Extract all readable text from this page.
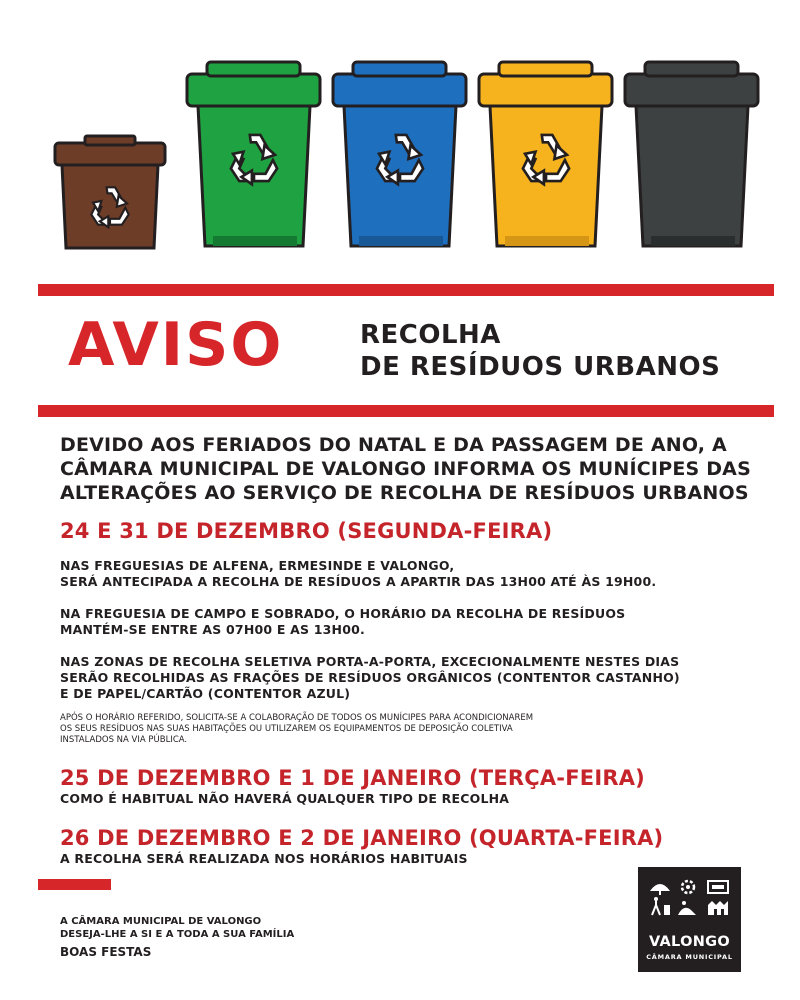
AVISO	RECOLHA
DE RESÍDUOS URBANOS
DEVIDO AOS FERIADOS DO NATAL E DA PASSAGEM DE ANO, A
CÂMARA MUNICIPAL DE VALONGO INFORMA OS MUNÍCIPES DAS
ALTERAÇÕES AO SERVIÇO DE RECOLHA DE RESÍDUOS URBANOS
24 E 31 DE DEZEMBRO (SEGUNDA-FEIRA)
NAS FREGUESIAS DE ALFENA, ERMESINDE E VALONGO,
SERÁ ANTECIPADA A RECOLHA DE RESÍDUOS A APARTIR DAS 13H00 ATÉ ÀS 19H00.
NA FREGUESIA DE CAMPO E SOBRADO, O HORÁRIO DA RECOLHA DE RESÍDUOS
MANTÉM-SE ENTRE AS 07H00 E AS 13H00.
NAS ZONAS DE RECOLHA SELETIVA PORTA-A-PORTA, EXCECIONALMENTE NESTES DIAS
SERÃO RECOLHIDAS AS FRAÇÕES DE RESÍDUOS ORGÂNICOS (CONTENTOR CASTANHO)
E DE PAPEL/CARTÃO (CONTENTOR AZUL)
APÓS O HORÁRIO REFERIDO, SOLICITA-SE A COLABORAÇÃO DE TODOS OS MUNÍCIPES PARA ACONDICIONAREM
OS SEUS RESÍDUOS NAS SUAS HABITAÇÕES OU UTILIZAREM OS EQUIPAMENTOS DE DEPOSIÇÃO COLETIVA
INSTALADOS NA VIA PÚBLICA.
25 DE DEZEMBRO E 1 DE JANEIRO (TERÇA-FEIRA)
COMO É HABITUAL NÃO HAVERÁ QUALQUER TIPO DE RECOLHA
26 DE DEZEMBRO E 2 DE JANEIRO (QUARTA-FEIRA)
A RECOLHA SERÁ REALIZADA NOS HORÁRIOS HABITUAIS
A CÂMARA MUNICIPAL DE VALONGO
DESEJA-LHE A SI E A TODA A SUA FAMÍLIA
BOAS FESTAS
VALONGO
CÂMARA MUNICIPAL
